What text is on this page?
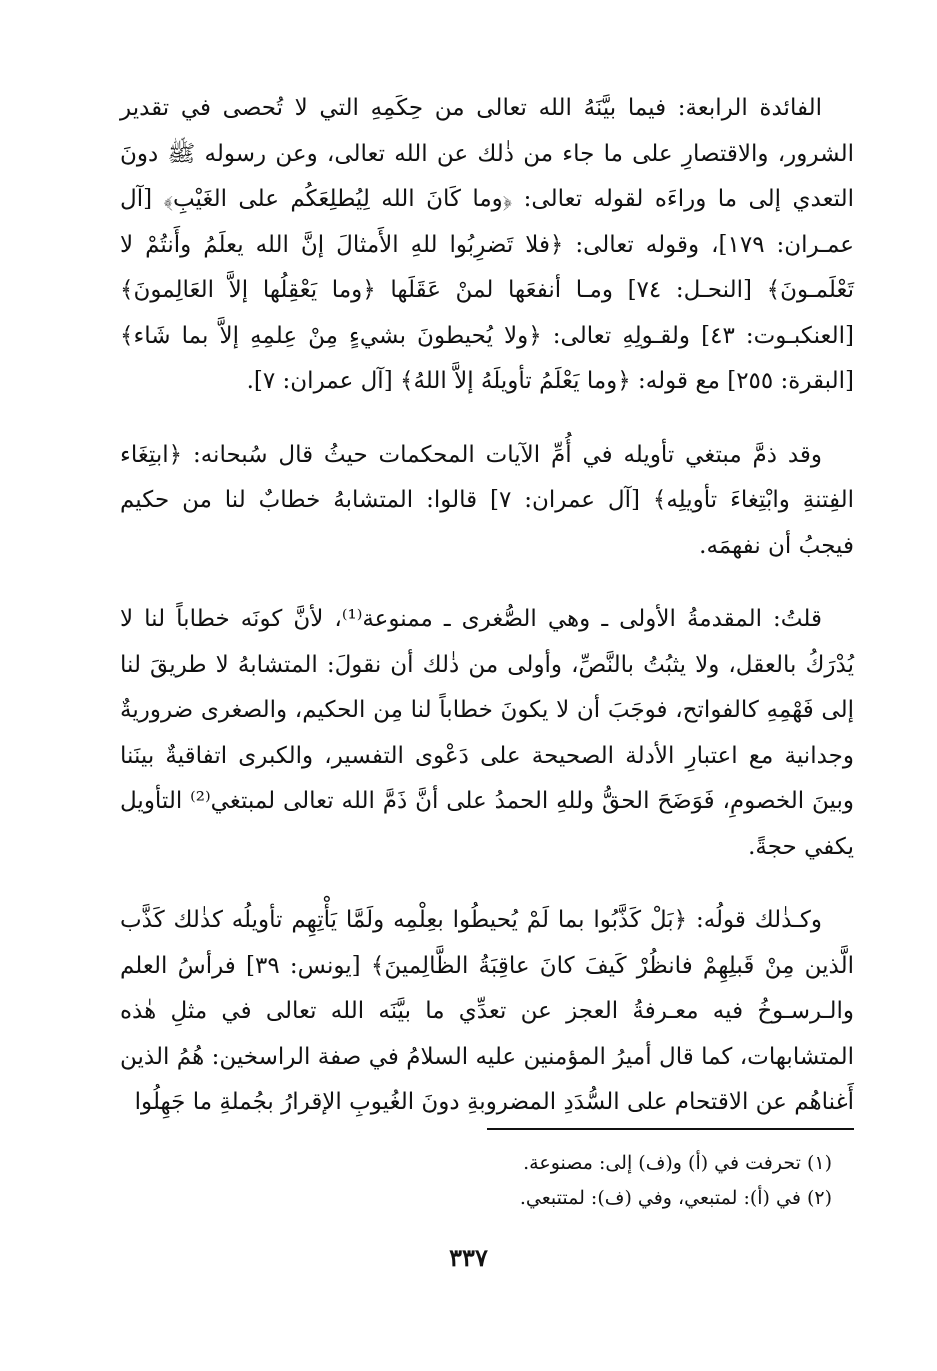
الفائدة الرابعة: فيما بيَّنَهُ الله تعالى من حِكَمِهِ التي لا تُحصى في تقدير الشرور، والاقتصارِ على ما جاء من ذٰلك عن الله تعالى، وعن رسوله ﷺ دونَ التعدي إلى ما وراءَه لقوله تعالى: ﴿وما كَانَ الله لِيُطلِعَكُم على الغَيْبِ﴾ [آل عمـران: ١٧٩]، وقوله تعالى: ﴿فلا تَضرِبُوا للهِ الأَمثالَ إنَّ الله يعلَمُ وأَنتُمْ لا تَعْلَمـونَ﴾ [النحـل: ٧٤] ومـا أنفعَها لمنْ عَقَلَها ﴿وما يَعْقِلُها إلاَّ العَالِمونَ﴾ [العنكبـوت: ٤٣] ولقـولِهِ تعالى: ﴿ولا يُحيطونَ بشيءٍ مِنْ عِلمِهِ إلاَّ بما شَاء﴾ [البقرة: ٢٥٥] مع قوله: ﴿وما يَعْلَمُ تأويلَهُ إلاَّ اللهُ﴾ [آل عمران: ٧].

وقد ذمَّ مبتغي تأويله في أُمِّ الآيات المحكمات حيثُ قال سُبحانه: ﴿ابتِغَاء الفِتنةِ وابْتِغاءَ تأويلِه﴾ [آل عمران: ٧] قالوا: المتشابهُ خطابٌ لنا من حكيم فيجبُ أن نفهمَه.

قلتُ: المقدمةُ الأولى ـ وهي الصُّغرى ـ ممنوعة⁽¹⁾، لأنَّ كونَه خطاباً لنا لا يُدْرَكُ بالعقل، ولا يثبُتُ بالنَّصِّ، وأولى من ذٰلك أن نقولَ: المتشابهُ لا طريقَ لنا إلى فَهْمِهِ كالفواتح، فوجَبَ أن لا يكونَ خطاباً لنا مِن الحكيم، والصغرى ضروريةٌ وجدانية مع اعتبارِ الأدلة الصحيحة على دَعْوى التفسير، والكبرى اتفاقيةٌ بينَنا وبينَ الخصومِ، فَوَضَحَ الحقُّ وللهِ الحمدُ على أنَّ ذَمَّ الله تعالى لمبتغي⁽²⁾ التأويل يكفي حجةً.

وكـذٰلك قولُه: ﴿بَلْ كَذَّبُوا بما لَمْ يُحيطُوا بعِلْمِه ولَمَّا يَأْتِهِم تأويلُه كذٰلك كَذَّب الَّذين مِنْ قَبلِهِمْ فانظُرْ كَيفَ كانَ عاقِبَةُ الظَّالِمينَ﴾ [يونس: ٣٩] فرأسُ العلم والـرسـوخُ فيه معـرفةُ العجز عن تعدِّي ما بيَّنَه الله تعالى في مثلِ هٰذه المتشابهات، كما قال أميرُ المؤمنين عليه السلامُ في صفة الراسخين: هُمُ الذين أَغناهُم عن الاقتحام على السُّدَدِ المضروبةِ دونَ الغُيوبِ الإقرارُ بجُملةِ ما جَهِلُوا

(١) تحرفت في (أ) و(ف) إلى: مصنوعة.

(٢) في (أ): لمتبعي، وفي (ف): لمتتبعي.

٣٣٧
